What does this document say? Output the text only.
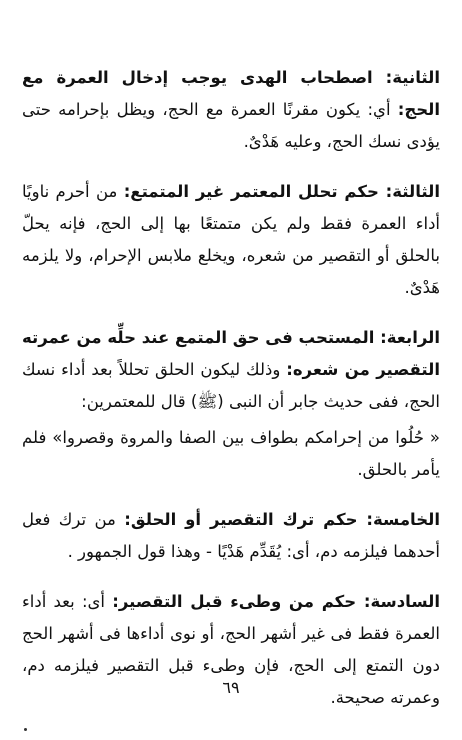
الثانية: اصطحاب الهدى يوجب إدخال العمرة مع الحج: أي: يكون مقرنًا العمرة مع الحج، ويظل بإحرامه حتى يؤدى نسك الحج، وعليه هَدْىٌ.

الثالثة: حكم تحلل المعتمر غير المتمتع: من أحرم ناويًا أداء العمرة فقط ولم يكن متمتعًا بها إلى الحج، فإنه يحلّ بالحلق أو التقصير من شعره، ويخلع ملابس الإحرام، ولا يلزمه هَدْىٌ.

الرابعة: المستحب فى حق المتمع عند حلِّه من عمرته التقصير من شعره: وذلك ليكون الحلق تحللاً بعد أداء نسك الحج، ففى حديث جابر أن النبى (ﷺ) قال للمعتمرين:

« حُلُوا من إحرامكم بطواف بين الصفا والمروة وقصروا» فلم يأمر بالحلق.

الخامسة: حكم ترك التقصير أو الحلق: من ترك فعل أحدهما فيلزمه دم، أى: يُقَدِّم هَدْيًا - وهذا قول الجمهور .

السادسة: حكم من وطىء قبل التقصير: أى: بعد أداء العمرة فقط فى غير أشهر الحج، أو نوى أداءها فى أشهر الحج دون التمتع إلى الحج، فإن وطىء قبل التقصير فيلزمه دم، وعمرته صحيحة.

٦٩
